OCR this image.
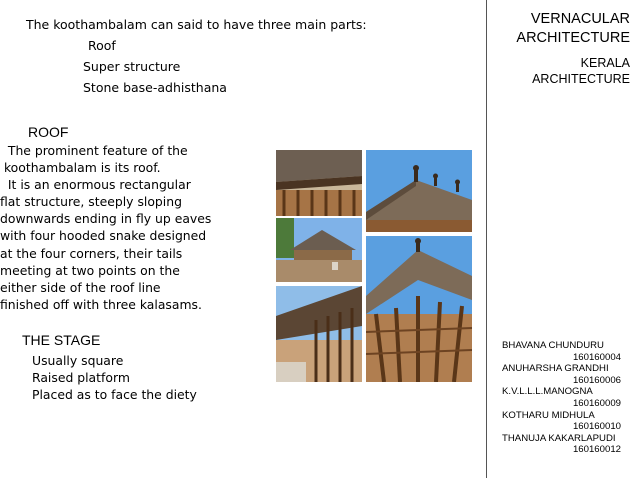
The koothambalam can said to have three main parts:
Roof
Super structure
Stone base-adhisthana
ROOF
The prominent feature of the
koothambalam is its roof.
It is an enormous rectangular
flat structure, steeply sloping
downwards ending in fly up eaves
with four hooded snake designed
at the four corners, their tails
meeting at two points on the
either side of the roof line
finished off with three kalasams.
THE STAGE
Usually square
Raised platform
Placed as to face the diety
VERNACULAR
ARCHITECTURE
KERALA
ARCHITECTURE
BHAVANA CHUNDURU
160160004
ANUHARSHA GRANDHI
160160006
K.V.L.L.L.MANOGNA
160160009
KOTHARU MIDHULA
160160010
THANUJA KAKARLAPUDI
160160012
